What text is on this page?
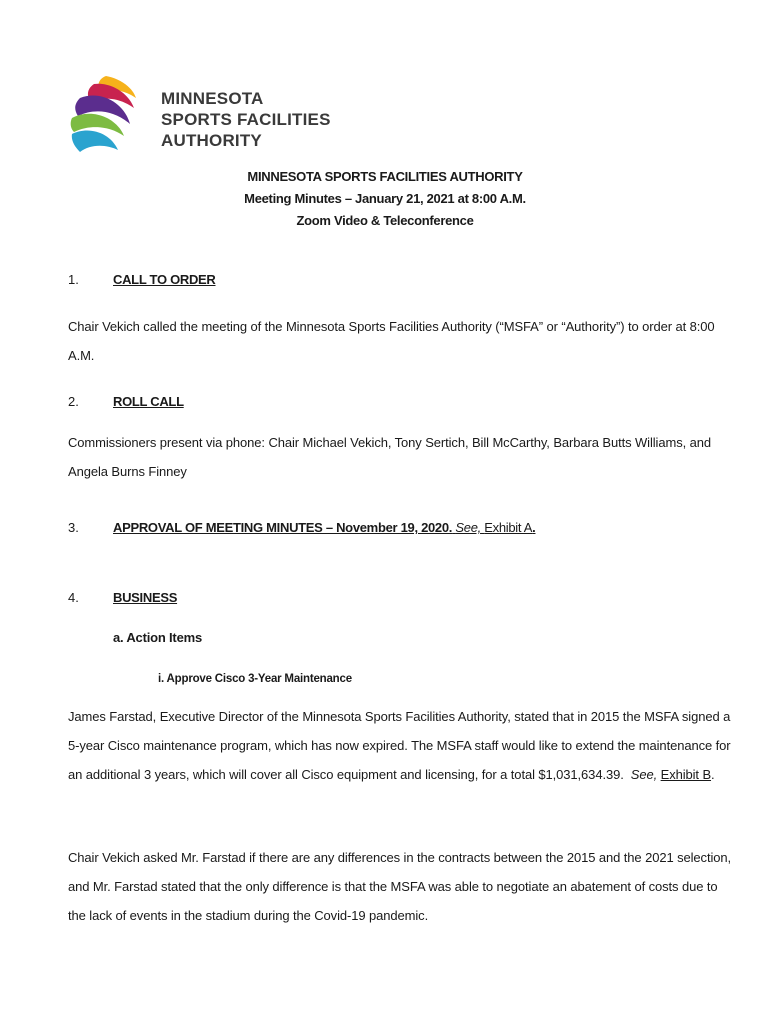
MINNESOTA
SPORTS FACILITIES
AUTHORITY
MINNESOTA SPORTS FACILITIES AUTHORITY
Meeting Minutes – January 21, 2021 at 8:00 A.M.
Zoom Video & Teleconference
1.	CALL TO ORDER
Chair Vekich called the meeting of the Minnesota Sports Facilities Authority (“MSFA” or “Authority”) to order at 8:00 A.M.
2.	ROLL CALL
Commissioners present via phone: Chair Michael Vekich, Tony Sertich, Bill McCarthy, Barbara Butts Williams, and Angela Burns Finney
3.	APPROVAL OF MEETING MINUTES – November 19, 2020. See, Exhibit A.
4.	BUSINESS
a. Action Items
i. Approve Cisco 3-Year Maintenance
James Farstad, Executive Director of the Minnesota Sports Facilities Authority, stated that in 2015 the MSFA signed a 5-year Cisco maintenance program, which has now expired. The MSFA staff would like to extend the maintenance for an additional 3 years, which will cover all Cisco equipment and licensing, for a total $1,031,634.39. See, Exhibit B.
Chair Vekich asked Mr. Farstad if there are any differences in the contracts between the 2015 and the 2021 selection, and Mr. Farstad stated that the only difference is that the MSFA was able to negotiate an abatement of costs due to the lack of events in the stadium during the Covid-19 pandemic.
